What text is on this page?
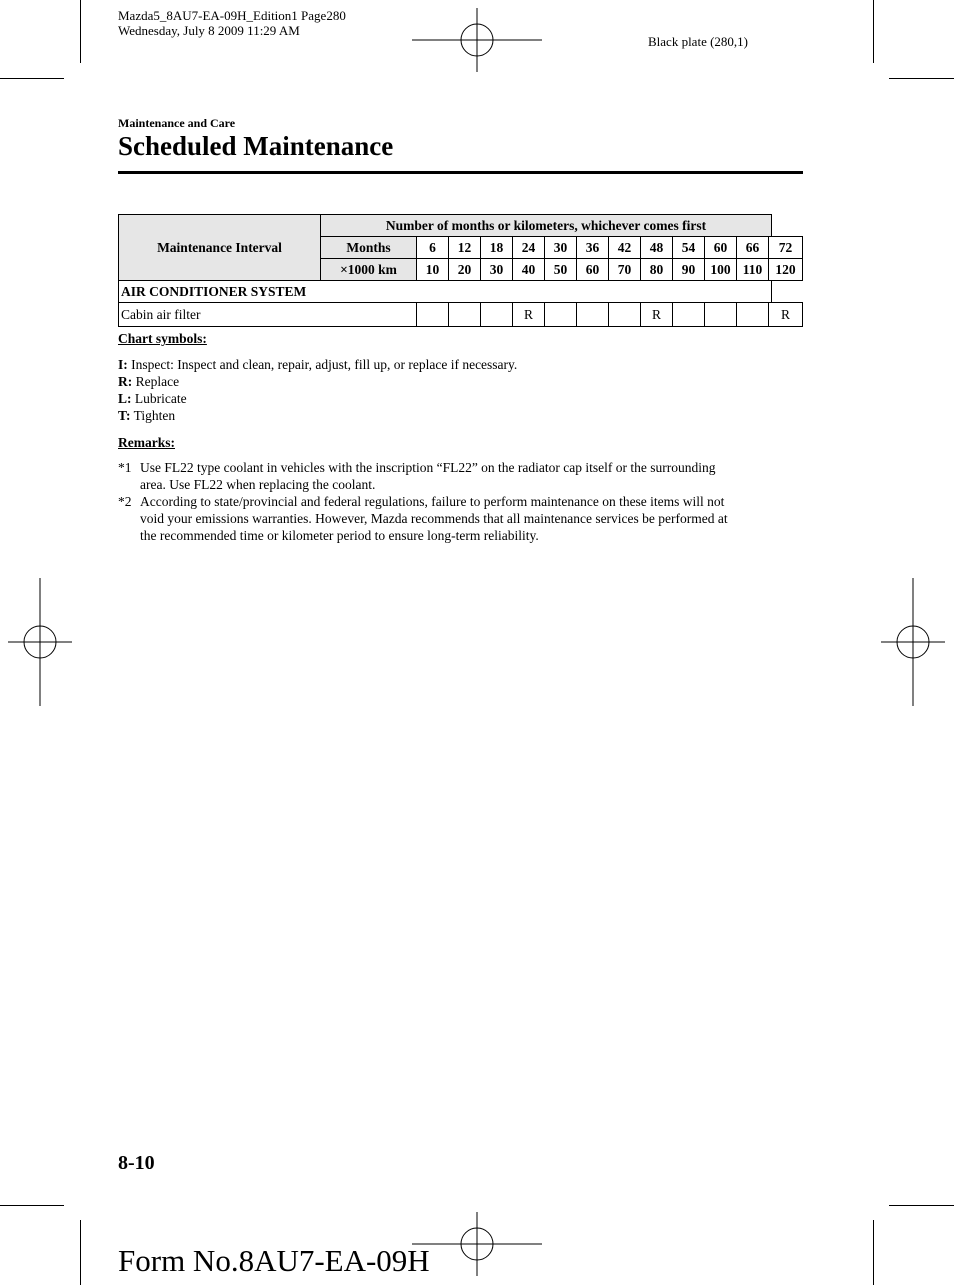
Mazda5_8AU7-EA-09H_Edition1 Page280
Wednesday, July 8 2009 11:29 AM
Black plate (280,1)
Maintenance and Care
Scheduled Maintenance
Maintenance Interval	Number of months or kilometers, whichever comes first												
	Months	6	12	18	24	30	36	42	48	54	60	66	72
	×1000 km	10	20	30	40	50	60	70	80	90	100	110	120
AIR CONDITIONER SYSTEM													
Cabin air filter					R				R				R
Chart symbols:
I: Inspect: Inspect and clean, repair, adjust, fill up, or replace if necessary.
R: Replace
L: Lubricate
T: Tighten
Remarks:
*1 Use FL22 type coolant in vehicles with the inscription “FL22” on the radiator cap itself or the surrounding
area. Use FL22 when replacing the coolant.
*2 According to state/provincial and federal regulations, failure to perform maintenance on these items will not
void your emissions warranties. However, Mazda recommends that all maintenance services be performed at
the recommended time or kilometer period to ensure long-term reliability.
8-10
Form No.8AU7-EA-09H
